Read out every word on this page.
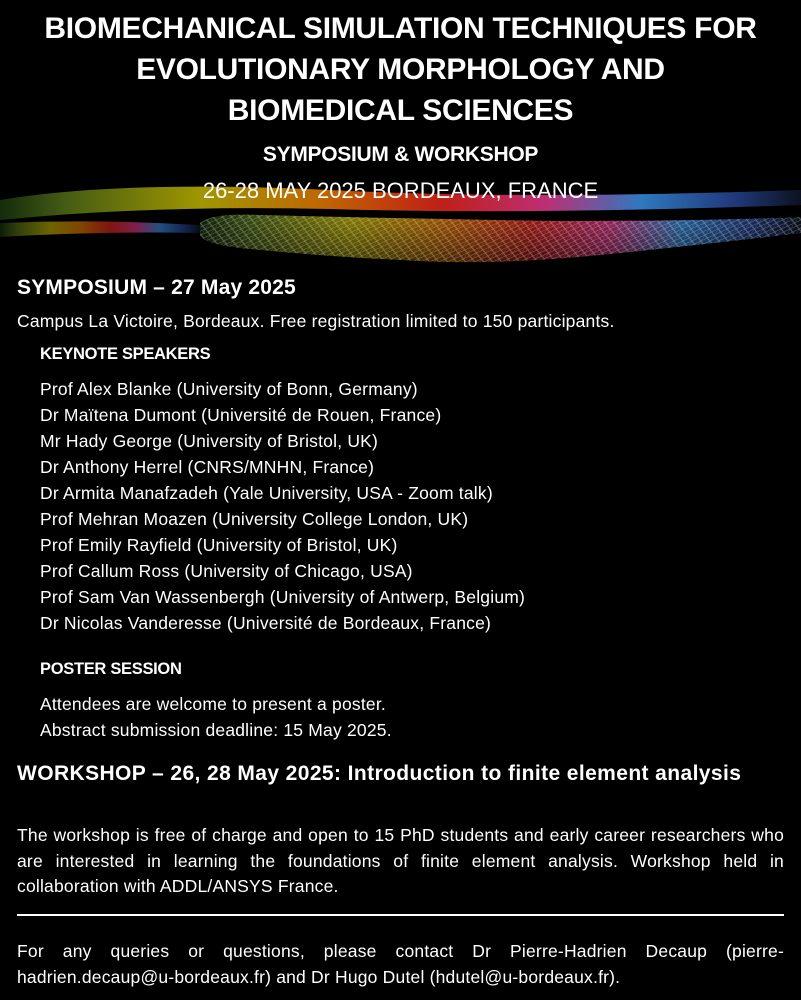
BIOMECHANICAL SIMULATION TECHNIQUES FOR
EVOLUTIONARY MORPHOLOGY AND
BIOMEDICAL SCIENCES
SYMPOSIUM & WORKSHOP
26-28 MAY 2025 BORDEAUX, FRANCE
SYMPOSIUM – 27 May 2025
Campus La Victoire, Bordeaux. Free registration limited to 150 participants.
KEYNOTE SPEAKERS
Prof Alex Blanke (University of Bonn, Germany)
Dr Maïtena Dumont (Université de Rouen, France)
Mr Hady George (University of Bristol, UK)
Dr Anthony Herrel (CNRS/MNHN, France)
Dr Armita Manafzadeh (Yale University, USA - Zoom talk)
Prof Mehran Moazen (University College London, UK)
Prof Emily Rayfield (University of Bristol, UK)
Prof Callum Ross (University of Chicago, USA)
Prof Sam Van Wassenbergh (University of Antwerp, Belgium)
Dr Nicolas Vanderesse (Université de Bordeaux, France)
POSTER SESSION
Attendees are welcome to present a poster.
Abstract submission deadline: 15 May 2025.
WORKSHOP – 26, 28 May 2025: Introduction to finite element analysis
The workshop is free of charge and open to 15 PhD students and early career researchers who are interested in learning the foundations of finite element analysis. Workshop held in collaboration with ADDL/ANSYS France.
For any queries or questions, please contact Dr Pierre-Hadrien Decaup (pierre-hadrien.decaup@u-bordeaux.fr) and Dr Hugo Dutel (hdutel@u-bordeaux.fr).
